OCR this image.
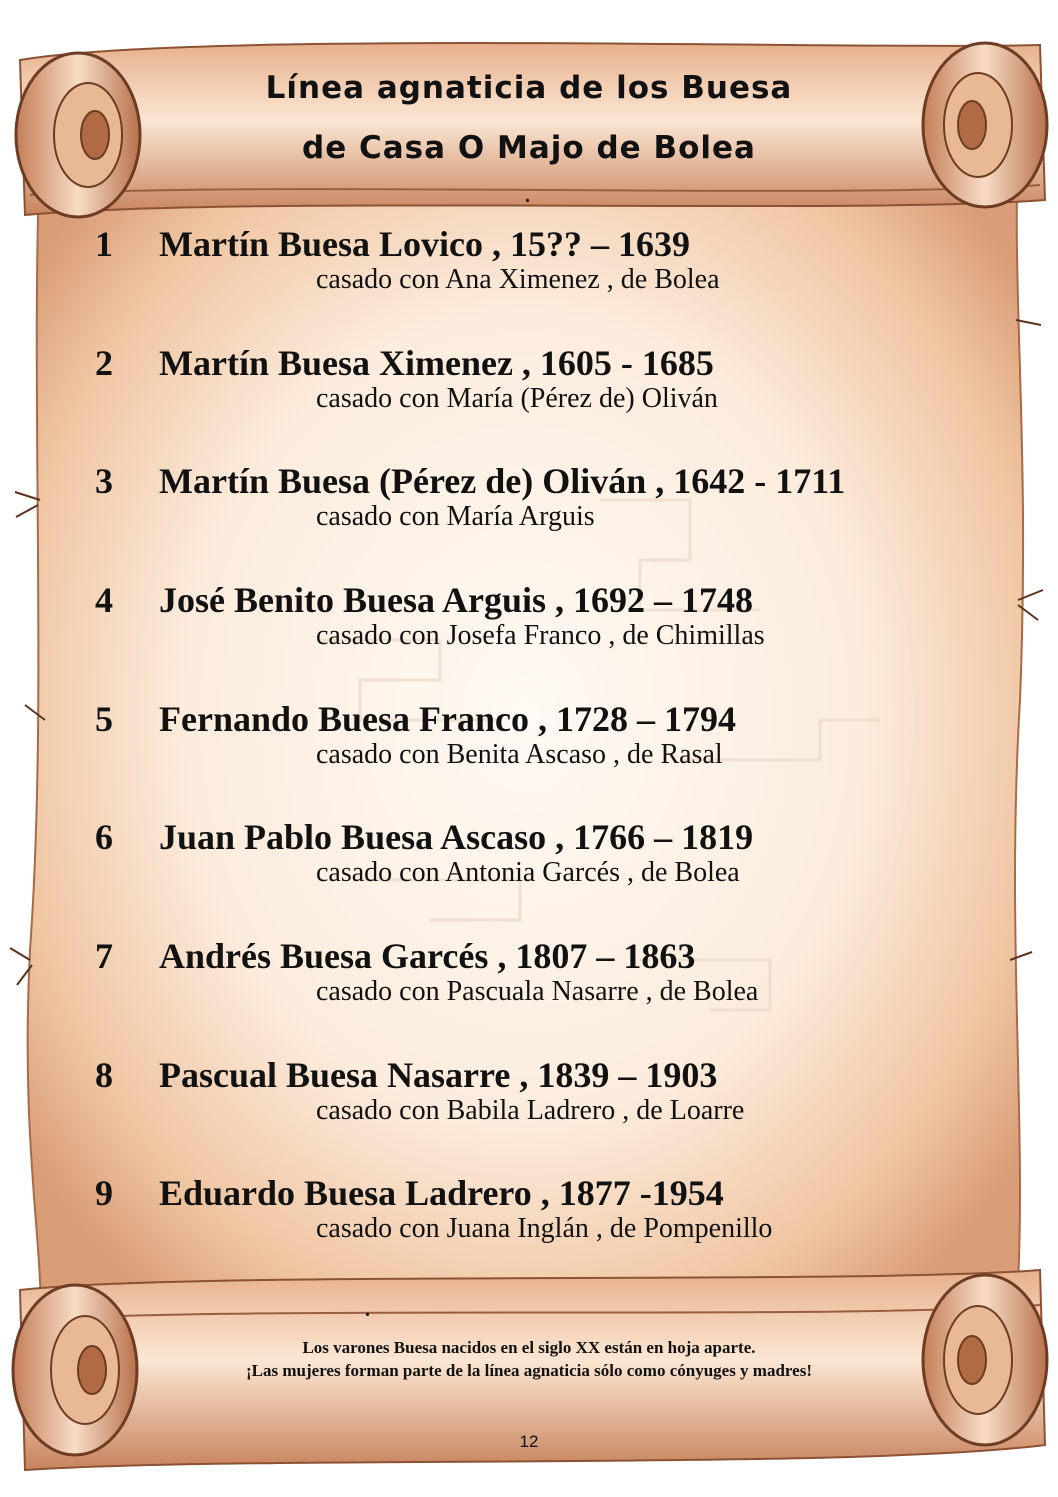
Línea agnaticia de los Buesa
de Casa O Majo de Bolea
.
1 Martín Buesa Lovico , 15?? – 1639
casado con Ana Ximenez , de Bolea
2 Martín Buesa Ximenez , 1605 - 1685
casado con María (Pérez de) Oliván
3 Martín Buesa (Pérez de) Oliván , 1642 - 1711
casado con María Arguis
4 José Benito Buesa Arguis , 1692 – 1748
casado con Josefa Franco , de Chimillas
5 Fernando Buesa Franco , 1728 – 1794
casado con Benita Ascaso , de Rasal
6 Juan Pablo Buesa Ascaso , 1766 – 1819
casado con Antonia Garcés , de Bolea
7 Andrés Buesa Garcés , 1807 – 1863
casado con Pascuala Nasarre , de Bolea
8 Pascual Buesa Nasarre , 1839 – 1903
casado con Babila Ladrero , de Loarre
9 Eduardo Buesa Ladrero , 1877 -1954
casado con Juana Inglán , de Pompenillo
.
Los varones Buesa nacidos en el siglo XX están en hoja aparte.
¡Las mujeres forman parte de la línea agnaticia sólo como cónyuges y madres!
12
